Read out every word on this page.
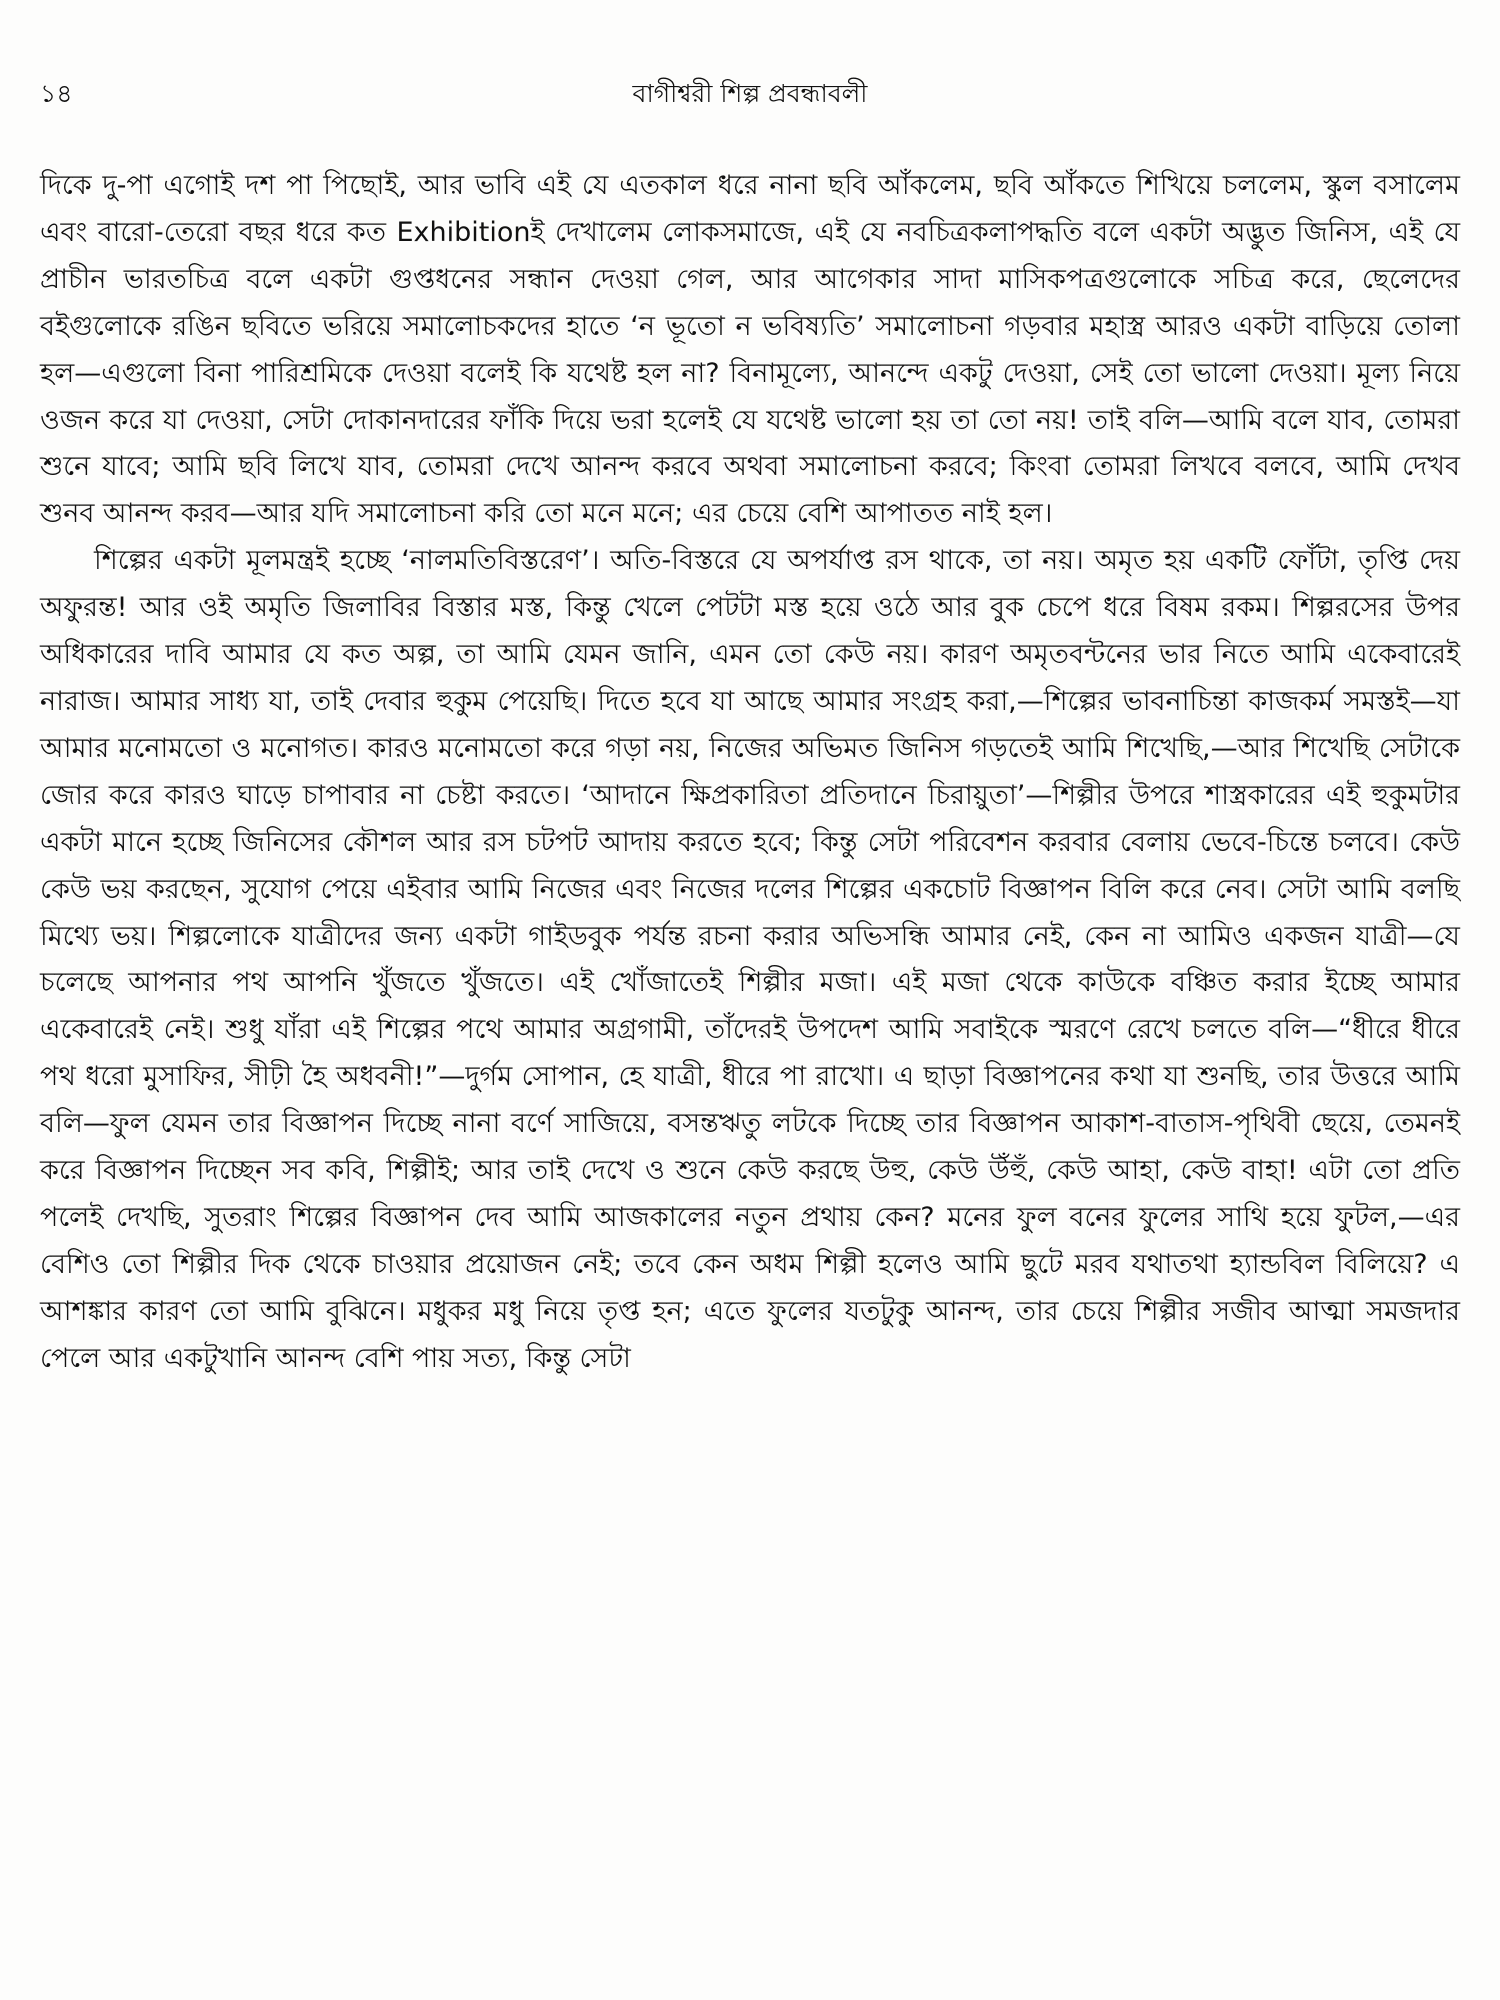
১৪	বাগীশ্বরী শিল্প প্রবন্ধাবলী

দিকে দু-পা এগোই দশ পা পিছোই, আর ভাবি এই যে এতকাল ধরে নানা ছবি আঁকলেম, ছবি আঁকতে শিখিয়ে চললেম, স্কুল বসালেম এবং বারো-তেরো বছর ধরে কত Exhibitionই দেখালেম লোকসমাজে, এই যে নবচিত্রকলাপদ্ধতি বলে একটা অদ্ভুত জিনিস, এই যে প্রাচীন ভারতচিত্র বলে একটা গুপ্তধনের সন্ধান দেওয়া গেল, আর আগেকার সাদা মাসিকপত্রগুলোকে সচিত্র করে, ছেলেদের বইগুলোকে রঙিন ছবিতে ভরিয়ে সমালোচকদের হাতে ‘ন ভূতো ন ভবিষ্যতি’ সমালোচনা গড়বার মহাস্ত্র আরও একটা বাড়িয়ে তোলা হল—এগুলো বিনা পারিশ্রমিকে দেওয়া বলেই কি যথেষ্ট হল না? বিনামূল্যে, আনন্দে একটু দেওয়া, সেই তো ভালো দেওয়া। মূল্য নিয়ে ওজন করে যা দেওয়া, সেটা দোকানদারের ফাঁকি দিয়ে ভরা হলেই যে যথেষ্ট ভালো হয় তা তো নয়! তাই বলি—আমি বলে যাব, তোমরা শুনে যাবে; আমি ছবি লিখে যাব, তোমরা দেখে আনন্দ করবে অথবা সমালোচনা করবে; কিংবা তোমরা লিখবে বলবে, আমি দেখব শুনব আনন্দ করব—আর যদি সমালোচনা করি তো মনে মনে; এর চেয়ে বেশি আপাতত নাই হল।

শিল্পের একটা মূলমন্ত্রই হচ্ছে ‘নালমতিবিস্তরেণ’। অতি-বিস্তরে যে অপর্যাপ্ত রস থাকে, তা নয়। অমৃত হয় একটি ফোঁটা, তৃপ্তি দেয় অফুরন্ত! আর ওই অমৃতি জিলাবির বিস্তার মস্ত, কিন্তু খেলে পেটটা মস্ত হয়ে ওঠে আর বুক চেপে ধরে বিষম রকম। শিল্পরসের উপর অধিকারের দাবি আমার যে কত অল্প, তা আমি যেমন জানি, এমন তো কেউ নয়। কারণ অমৃতবন্টনের ভার নিতে আমি একেবারেই নারাজ। আমার সাধ্য যা, তাই দেবার হুকুম পেয়েছি। দিতে হবে যা আছে আমার সংগ্রহ করা,—শিল্পের ভাবনাচিন্তা কাজকর্ম সমস্তই—যা আমার মনোমতো ও মনোগত। কারও মনোমতো করে গড়া নয়, নিজের অভিমত জিনিস গড়তেই আমি শিখেছি,—আর শিখেছি সেটাকে জোর করে কারও ঘাড়ে চাপাবার না চেষ্টা করতে। ‘আদানে ক্ষিপ্রকারিতা প্রতিদানে চিরায়ুতা’—শিল্পীর উপরে শাস্ত্রকারের এই হুকুমটার একটা মানে হচ্ছে জিনিসের কৌশল আর রস চটপট আদায় করতে হবে; কিন্তু সেটা পরিবেশন করবার বেলায় ভেবে-চিন্তে চলবে। কেউ কেউ ভয় করছেন, সুযোগ পেয়ে এইবার আমি নিজের এবং নিজের দলের শিল্পের একচোট বিজ্ঞাপন বিলি করে নেব। সেটা আমি বলছি মিথ্যে ভয়। শিল্পলোকে যাত্রীদের জন্য একটা গাইডবুক পর্যন্ত রচনা করার অভিসন্ধি আমার নেই, কেন না আমিও একজন যাত্রী—যে চলেছে আপনার পথ আপনি খুঁজতে খুঁজতে। এই খোঁজাতেই শিল্পীর মজা। এই মজা থেকে কাউকে বঞ্চিত করার ইচ্ছে আমার একেবারেই নেই। শুধু যাঁরা এই শিল্পের পথে আমার অগ্রগামী, তাঁদেরই উপদেশ আমি সবাইকে স্মরণে রেখে চলতে বলি—“ধীরে ধীরে পথ ধরো মুসাফির, সীঢ়ী হৈ অধবনী!”—দুর্গম সোপান, হে যাত্রী, ধীরে পা রাখো। এ ছাড়া বিজ্ঞাপনের কথা যা শুনছি, তার উত্তরে আমি বলি—ফুল যেমন তার বিজ্ঞাপন দিচ্ছে নানা বর্ণে সাজিয়ে, বসন্তঋতু লটকে দিচ্ছে তার বিজ্ঞাপন আকাশ-বাতাস-পৃথিবী ছেয়ে, তেমনই করে বিজ্ঞাপন দিচ্ছেন সব কবি, শিল্পীই; আর তাই দেখে ও শুনে কেউ করছে উহু, কেউ উঁহুঁ, কেউ আহা, কেউ বাহা! এটা তো প্রতি পলেই দেখছি, সুতরাং শিল্পের বিজ্ঞাপন দেব আমি আজকালের নতুন প্রথায় কেন? মনের ফুল বনের ফুলের সাথি হয়ে ফুটল,—এর বেশিও তো শিল্পীর দিক থেকে চাওয়ার প্রয়োজন নেই; তবে কেন অধম শিল্পী হলেও আমি ছুটে মরব যথাতথা হ্যান্ডবিল বিলিয়ে? এ আশঙ্কার কারণ তো আমি বুঝিনে। মধুকর মধু নিয়ে তৃপ্ত হন; এতে ফুলের যতটুকু আনন্দ, তার চেয়ে শিল্পীর সজীব আত্মা সমজদার পেলে আর একটুখানি আনন্দ বেশি পায় সত্য, কিন্তু সেটা
